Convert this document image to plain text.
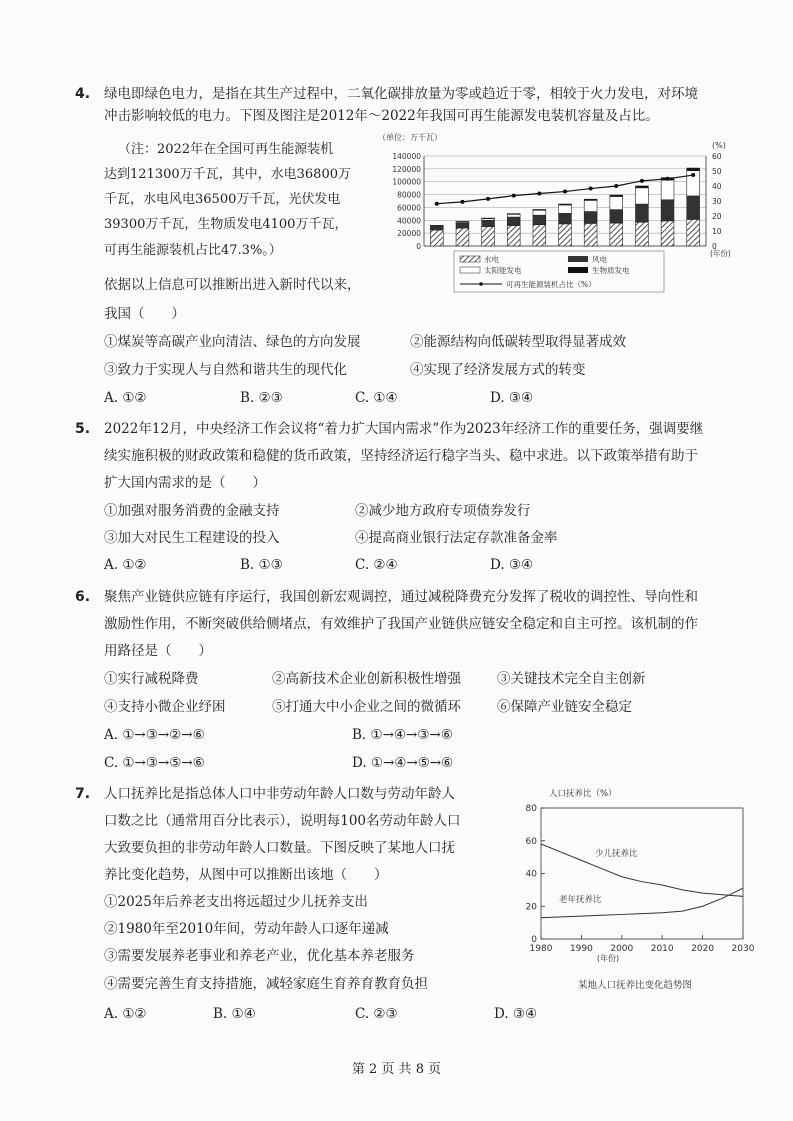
4. 绿电即绿色电力，是指在其生产过程中，二氧化碳排放量为零或趋近于零，相较于火力发电，对环境
冲击影响较低的电力。下图及图注是2012年～2022年我国可再生能源发电装机容量及占比。
（注：2022年在全国可再生能源装机
达到121300万千瓦，其中，水电36800万
千瓦，水电风电36500万千瓦，光伏发电
39300万千瓦，生物质发电4100万千瓦，
可再生能源装机占比47.3%。）
（单位：万千瓦）
(%)
0
20000
40000
60000
80000
100000
120000
140000
0
10
20
30
40
50
60
(年份)
水电	风电
太阳能发电	生物质发电
可再生能源装机占比（%）
依据以上信息可以推断出进入新时代以来，
我国（　　）
①煤炭等高碳产业向清洁、绿色的方向发展	②能源结构向低碳转型取得显著成效
③致力于实现人与自然和谐共生的现代化	④实现了经济发展方式的转变
A. ①②	B. ②③	C. ①④	D. ③④
5. 2022年12月，中央经济工作会议将“着力扩大国内需求”作为2023年经济工作的重要任务，强调要继
续实施积极的财政政策和稳健的货币政策，坚持经济运行稳字当头、稳中求进。以下政策举措有助于
扩大国内需求的是（　　）
①加强对服务消费的金融支持	②减少地方政府专项债券发行
③加大对民生工程建设的投入	④提高商业银行法定存款准备金率
A. ①②	B. ①③	C. ②④	D. ③④
6. 聚焦产业链供应链有序运行，我国创新宏观调控，通过减税降费充分发挥了税收的调控性、导向性和
激励性作用，不断突破供给侧堵点，有效维护了我国产业链供应链安全稳定和自主可控。该机制的作
用路径是（　　）
①实行减税降费	②高新技术企业创新积极性增强	③关键技术完全自主创新
④支持小微企业纾困	⑤打通大中小企业之间的微循环	⑥保障产业链安全稳定
A. ①→③→②→⑥	B. ①→④→③→⑥
C. ①→③→⑤→⑥	D. ①→④→⑤→⑥
7. 人口抚养比是指总体人口中非劳动年龄人口数与劳动年龄人
口数之比（通常用百分比表示），说明每100名劳动年龄人口
大致要负担的非劳动年龄人口数量。下图反映了某地人口抚
养比变化趋势，从图中可以推断出该地（　　）
①2025年后养老支出将远超过少儿抚养支出
②1980年至2010年间，劳动年龄人口逐年递减
③需要发展养老事业和养老产业，优化基本养老服务
④需要完善生育支持措施，减轻家庭生育养育教育负担
A. ①②	B. ①④	C. ②③	D. ③④
人口抚养比（%）
0
20
40
60
80
1980 1990 2000 2010 2020 2030
(年份)
少儿抚养比
老年抚养比
某地人口抚养比变化趋势图
第 2 页 共 8 页
